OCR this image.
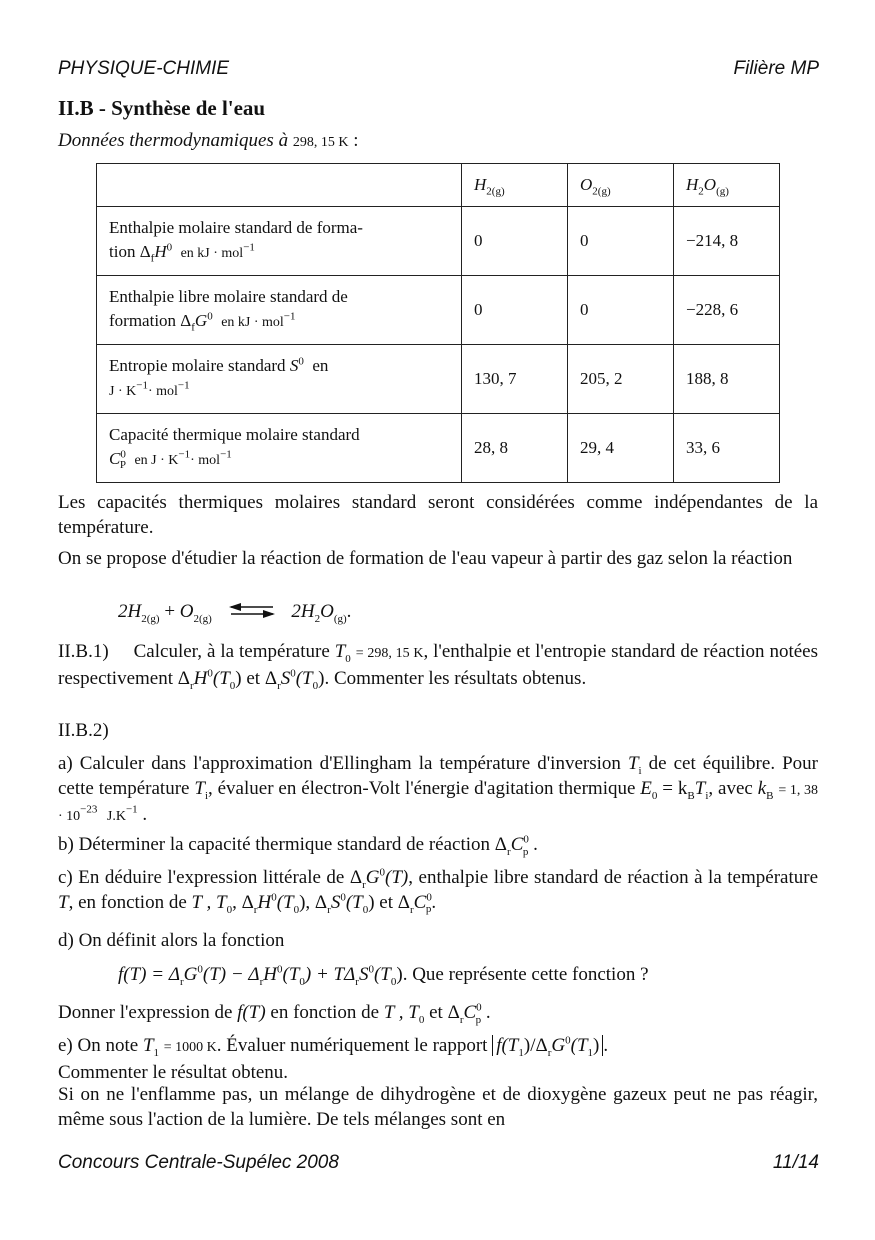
PHYSIQUE-CHIMIE	Filière MP
II.B - Synthèse de l'eau
Données thermodynamiques à 298, 15 K :
	$H_{2(g)}$	$O_{2(g)}$	$H_2O_{(g)}$
Enthalpie molaire standard de forma-
tion $\Delta_fH^0$ en kJ · mol$^{-1}$	0	0	−214, 8
Enthalpie libre molaire standard de
formation $\Delta_fG^0$ en kJ · mol$^{-1}$	0	0	−228, 6
Entropie molaire standard $S^0$ en
$J \cdot K^{-1}\cdot mol^{-1}$	130, 7	205, 2	188, 8
Capacité thermique molaire standard
$C^0_P$ en $J \cdot K^{-1}\cdot mol^{-1}$	28, 8	29, 4	33, 6
Les capacités thermiques molaires standard seront considérées comme indépendantes de la température.
On se propose d'étudier la réaction de formation de l'eau vapeur à partir des gaz selon la réaction
$2H_{2(g)} + O_{2(g)}$ ⇌ $2H_2O_{(g)}$.
II.B.1) Calculer, à la température $T_0 = 298$, 15 K, l'enthalpie et l'entropie standard de réaction notées respectivement $\Delta_rH^0(T_0)$ et $\Delta_rS^0(T_0)$. Commenter les résultats obtenus.
II.B.2)
a) Calculer dans l'approximation d'Ellingham la température d'inversion $T_i$ de cet équilibre. Pour cette température $T_i$, évaluer en électron-Volt l'énergie d'agitation thermique $E_0 = k_BT_i$, avec $k_B = 1$, $38 \cdot 10^{-23}$ $J.K^{-1}$ .
b) Déterminer la capacité thermique standard de réaction $\Delta_rC^0_p$ .
c) En déduire l'expression littérale de $\Delta_rG^0(T)$, enthalpie libre standard de réaction à la température T, en fonction de T , $T_0$, $\Delta_rH^0(T_0)$, $\Delta_rS^0(T_0)$ et $\Delta_rC^0_p$.
d) On définit alors la fonction
$f(T) = \Delta_rG^0(T) - \Delta_rH^0(T_0) + T\Delta_rS^0(T_0)$. Que représente cette fonction ?
Donner l'expression de f(T) en fonction de T , $T_0$ et $\Delta_rC^0_p$ .
e) On note $T_1 = 1000$ K. Évaluer numériquement le rapport $f(T_1)/\Delta_rG^0(T_1)$ .
Commenter le résultat obtenu.
Si on ne l'enflamme pas, un mélange de dihydrogène et de dioxygène gazeux peut ne pas réagir, même sous l'action de la lumière. De tels mélanges sont en
Concours Centrale-Supélec 2008	11/14
